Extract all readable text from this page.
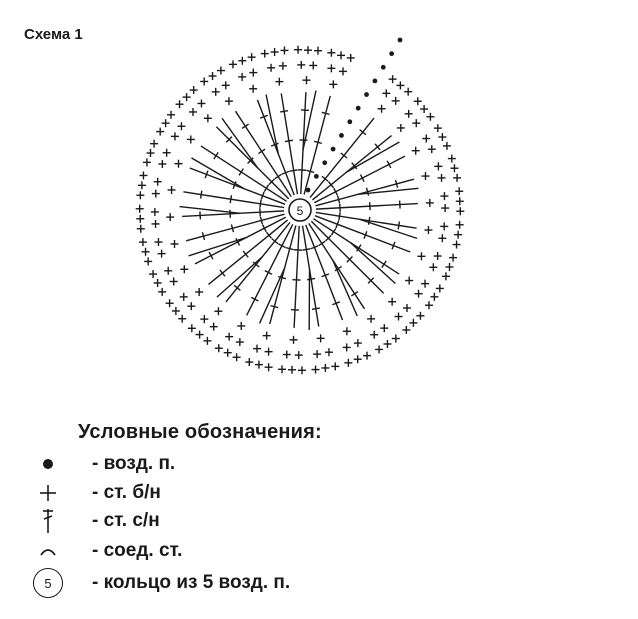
Схема 1
5
Условные обозначения:
- возд. п.
- ст. б/н
- ст. с/н
- соед. ст.
5 - кольцо из 5 возд. п.
